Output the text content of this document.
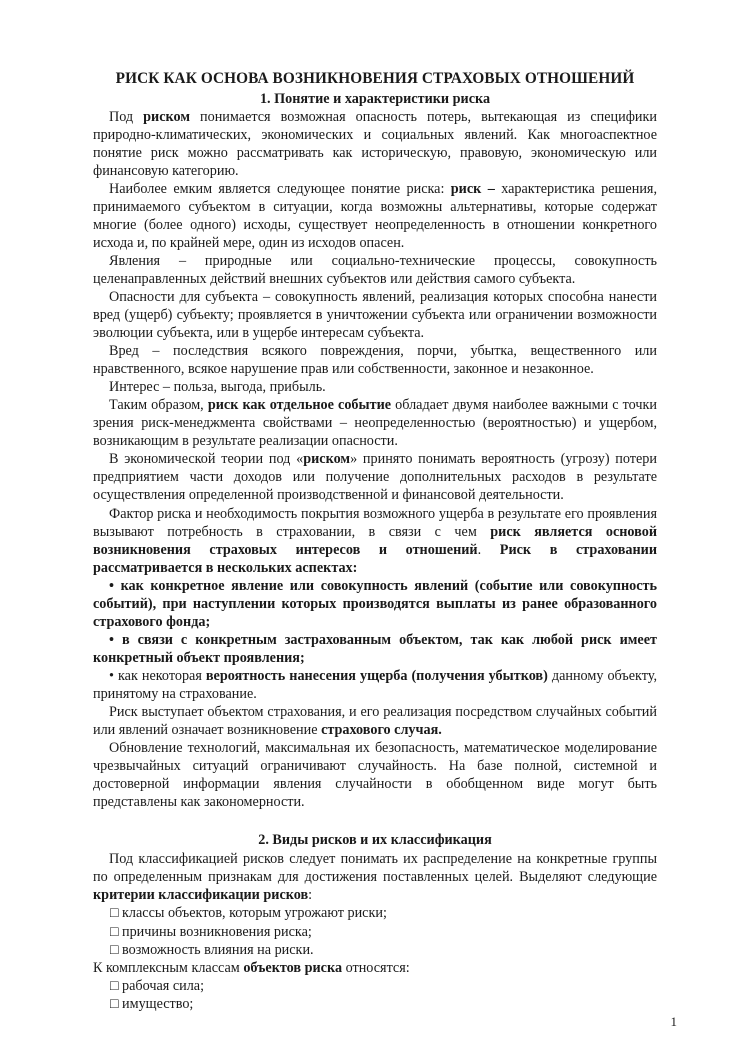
РИСК КАК ОСНОВА ВОЗНИКНОВЕНИЯ СТРАХОВЫХ ОТНОШЕНИЙ
1. Понятие и характеристики риска

Под риском понимается возможная опасность потерь, вытекающая из специфики природно-климатических, экономических и социальных явлений. Как многоаспектное понятие риск можно рассматривать как историческую, правовую, экономическую или финансовую категорию.

Наиболее емким является следующее понятие риска: риск – характеристика решения, принимаемого субъектом в ситуации, когда возможны альтернативы, которые содержат многие (более одного) исходы, существует неопределенность в отношении конкретного исхода и, по крайней мере, один из исходов опасен.

Явления – природные или социально-технические процессы, совокупность целенаправленных действий внешних субъектов или действия самого субъекта.

Опасности для субъекта – совокупность явлений, реализация которых способна нанести вред (ущерб) субъекту; проявляется в уничтожении субъекта или ограничении возможности эволюции субъекта, или в ущербе интересам субъекта.

Вред – последствия всякого повреждения, порчи, убытка, вещественного или нравственного, всякое нарушение прав или собственности, законное и незаконное.

Интерес – польза, выгода, прибыль.

Таким образом, риск как отдельное событие обладает двумя наиболее важными с точки зрения риск-менеджмента свойствами – неопределенностью (вероятностью) и ущербом, возникающим в результате реализации опасности.

В экономической теории под «риском» принято понимать вероятность (угрозу) потери предприятием части доходов или получение дополнительных расходов в результате осуществления определенной производственной и финансовой деятельности.

Фактор риска и необходимость покрытия возможного ущерба в результате его проявления вызывают потребность в страховании, в связи с чем риск является основой возникновения страховых интересов и отношений. Риск в страховании рассматривается в нескольких аспектах:

• как конкретное явление или совокупность явлений (событие или совокупность событий), при наступлении которых производятся выплаты из ранее образованного страхового фонда;

• в связи с конкретным застрахованным объектом, так как любой риск имеет конкретный объект проявления;

• как некоторая вероятность нанесения ущерба (получения убытков) данному объекту, принятому на страхование.

Риск выступает объектом страхования, и его реализация посредством случайных событий или явлений означает возникновение страхового случая.

Обновление технологий, максимальная их безопасность, математическое моделирование чрезвычайных ситуаций ограничивают случайность. На базе полной, системной и достоверной информации явления случайности в обобщенном виде могут быть представлены как закономерности.

2. Виды рисков и их классификация

Под классификацией рисков следует понимать их распределение на конкретные группы по определенным признакам для достижения поставленных целей. Выделяют следующие критерии классификации рисков:

□ классы объектов, которым угрожают риски;
□ причины возникновения риска;
□ возможность влияния на риски.

К комплексным классам объектов риска относятся:

□ рабочая сила;
□ имущество;
1
